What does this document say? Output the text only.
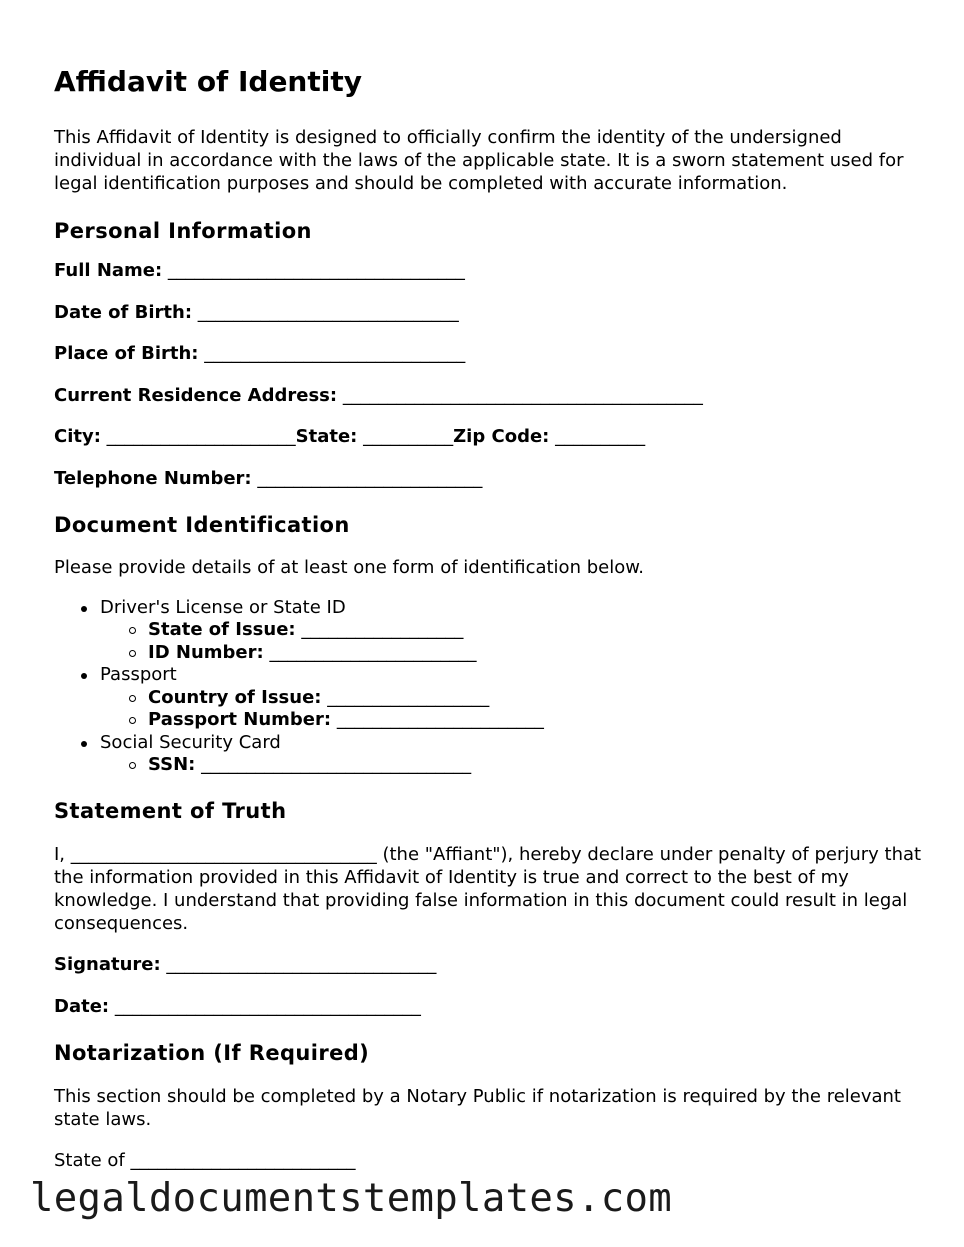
Affidavit of Identity

This Affidavit of Identity is designed to officially confirm the identity of the undersigned individual in accordance with the laws of the applicable state. It is a sworn statement used for legal identification purposes and should be completed with accurate information.

Personal Information
Full Name: _________________________________
Date of Birth: _____________________________
Place of Birth: _____________________________
Current Residence Address: ________________________________________
City: _____________________State: __________Zip Code: __________
Telephone Number: _________________________
Document Identification

Please provide details of at least one form of identification below.

Driver's License or State ID
State of Issue: __________________
ID Number: _______________________
Passport
Country of Issue: __________________
Passport Number: _______________________
Social Security Card
SSN: ______________________________
Statement of Truth

I, __________________________________ (the "Affiant"), hereby declare under penalty of perjury that the information provided in this Affidavit of Identity is true and correct to the best of my knowledge. I understand that providing false information in this document could result in legal consequences.

Signature: ______________________________
Date: __________________________________
Notarization (If Required)

This section should be completed by a Notary Public if notarization is required by the relevant state laws.

State of _________________________

legaldocumentstemplates.com
